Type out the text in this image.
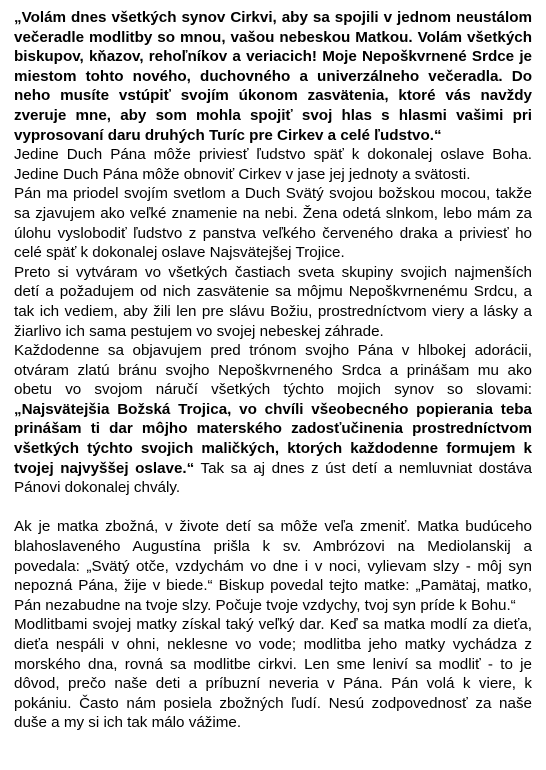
„Volám dnes všetkých synov Cirkvi, aby sa spojili v jednom neustálom večeradle modlitby so mnou, vašou nebeskou Matkou. Volám všetkých biskupov, kňazov, rehoľníkov a veriacich! Moje Nepoškvrnené Srdce je miestom tohto nového, duchovného a univerzálneho večeradla. Do neho musíte vstúpiť svojím úkonom zasvätenia, ktoré vás navždy zveruje mne, aby som mohla spojiť svoj hlas s hlasmi vašimi pri vyprosovaní daru druhých Turíc pre Cirkev a celé ľudstvo.“

Jedine Duch Pána môže priviesť ľudstvo späť k dokonalej oslave Boha. Jedine Duch Pána môže obnoviť Cirkev v jase jej jednoty a svätosti.

Pán ma priodel svojím svetlom a Duch Svätý svojou božskou mocou, takže sa zjavujem ako veľké znamenie na nebi. Žena odetá slnkom, lebo mám za úlohu vyslobodiť ľudstvo z panstva veľkého červeného draka a priviesť ho celé späť k dokonalej oslave Najsvätejšej Trojice.

Preto si vytváram vo všetkých častiach sveta skupiny svojich najmenších detí a požadujem od nich zasvätenie sa môjmu Nepoškvrnenému Srdcu, a tak ich vediem, aby žili len pre slávu Božiu, prostredníctvom viery a lásky a žiarlivo ich sama pestujem vo svojej nebeskej záhrade.

Každodenne sa objavujem pred trónom svojho Pána v hlbokej adorácii, otváram zlatú bránu svojho Nepoškvrneného Srdca a prinášam mu ako obetu vo svojom náručí všetkých týchto mojich synov so slovami: „Najsvätejšia Božská Trojica, vo chvíli všeobecného popierania teba prinášam ti dar môjho materského zadosťučinenia prostredníctvom všetkých týchto svojich maličkých, ktorých každodenne formujem k tvojej najvyššej oslave.“ Tak sa aj dnes z úst detí a nemluvniat dostáva Pánovi dokonalej chvály.

Ak je matka zbožná, v živote detí sa môže veľa zmeniť. Matka budúceho blahoslaveného Augustína prišla k sv. Ambrózovi na Mediolanskij a povedala: „Svätý otče, vzdychám vo dne i v noci, vylievam slzy - môj syn nepozná Pána, žije v biede.“ Biskup povedal tejto matke: „Pamätaj, matko, Pán nezabudne na tvoje slzy. Počuje tvoje vzdychy, tvoj syn príde k Bohu.“

Modlitbami svojej matky získal taký veľký dar. Keď sa matka modlí za dieťa, dieťa nespáli v ohni, neklesne vo vode; modlitba jeho matky vychádza z morského dna, rovná sa modlitbe cirkvi. Len sme leniví sa modliť - to je dôvod, prečo naše deti a príbuzní neveria v Pána. Pán volá k viere, k pokániu. Často nám posiela zbožných ľudí. Nesú zodpovednosť za naše duše a my si ich tak málo vážime.
